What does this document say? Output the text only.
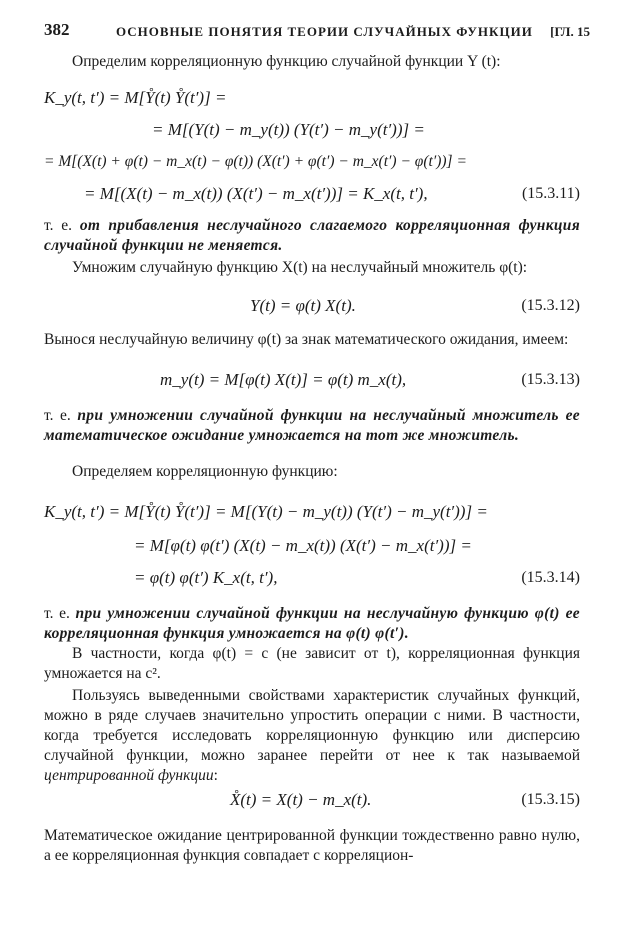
382	ОСНОВНЫЕ ПОНЯТИЯ ТЕОРИИ СЛУЧАЙНЫХ ФУНКЦИИ [ГЛ. 15

Определим корреляционную функцию случайной функции Y (t):

K_y(t, t′) = M[Y̊(t) Y̊(t′)] =
= M[(Y(t) − m_y(t)) (Y(t′) − m_y(t′))] =
= M[(X(t) + φ(t) − m_x(t) − φ(t)) (X(t′) + φ(t′) − m_x(t′) − φ(t′))] =
= M[(X(t) − m_x(t)) (X(t′) − m_x(t′))] = K_x(t, t′),	(15.3.11)

т. е. от прибавления неслучайного слагаемого корреляционная функция случайной функции не меняется.

Умножим случайную функцию X(t) на неслучайный множитель φ(t):

Y(t) = φ(t) X(t).	(15.3.12)

Вынося неслучайную величину φ(t) за знак математического ожидания, имеем:

m_y(t) = M[φ(t) X(t)] = φ(t) m_x(t),	(15.3.13)

т. е. при умножении случайной функции на неслучайный множитель ее математическое ожидание умножается на тот же множитель.

Определяем корреляционную функцию:

K_y(t, t′) = M[Y̊(t) Y̊(t′)] = M[(Y(t) − m_y(t)) (Y(t′) − m_y(t′))] =
= M[φ(t) φ(t′) (X(t) − m_x(t)) (X(t′) − m_x(t′))] =
= φ(t) φ(t′) K_x(t, t′),	(15.3.14)

т. е. при умножении случайной функции на неслучайную функцию φ(t) ее корреляционная функция умножается на φ(t) φ(t′).

В частности, когда φ(t) = c (не зависит от t), корреляционная функция умножается на c².

Пользуясь выведенными свойствами характеристик случайных функций, можно в ряде случаев значительно упростить операции с ними. В частности, когда требуется исследовать корреляционную функцию или дисперсию случайной функции, можно заранее перейти от нее к так называемой центрированной функции:

X̊(t) = X(t) − m_x(t).	(15.3.15)

Математическое ожидание центрированной функции тождественно равно нулю, а ее корреляционная функция совпадает с корреляцион-
